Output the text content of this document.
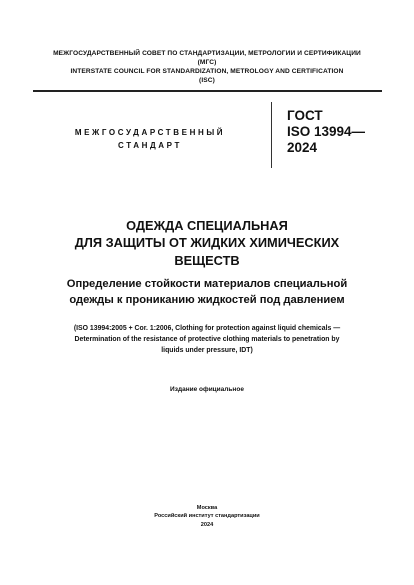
МЕЖГОСУДАРСТВЕННЫЙ СОВЕТ ПО СТАНДАРТИЗАЦИИ, МЕТРОЛОГИИ И СЕРТИФИКАЦИИ
(МГС)
INTERSTATE COUNCIL FOR STANDARDIZATION, METROLOGY AND CERTIFICATION
(ISC)
МЕЖГОСУДАРСТВЕННЫЙ
СТАНДАРТ
ГОСТ
ISO 13994—
2024
ОДЕЖДА СПЕЦИАЛЬНАЯ
ДЛЯ ЗАЩИТЫ ОТ ЖИДКИХ ХИМИЧЕСКИХ
ВЕЩЕСТВ
Определение стойкости материалов специальной
одежды к прониканию жидкостей под давлением
(ISO 13994:2005 + Cor. 1:2006, Clothing for protection against liquid chemicals —
Determination of the resistance of protective clothing materials to penetration by
liquids under pressure, IDT)
Издание официальное
Москва
Российский институт стандартизации
2024
